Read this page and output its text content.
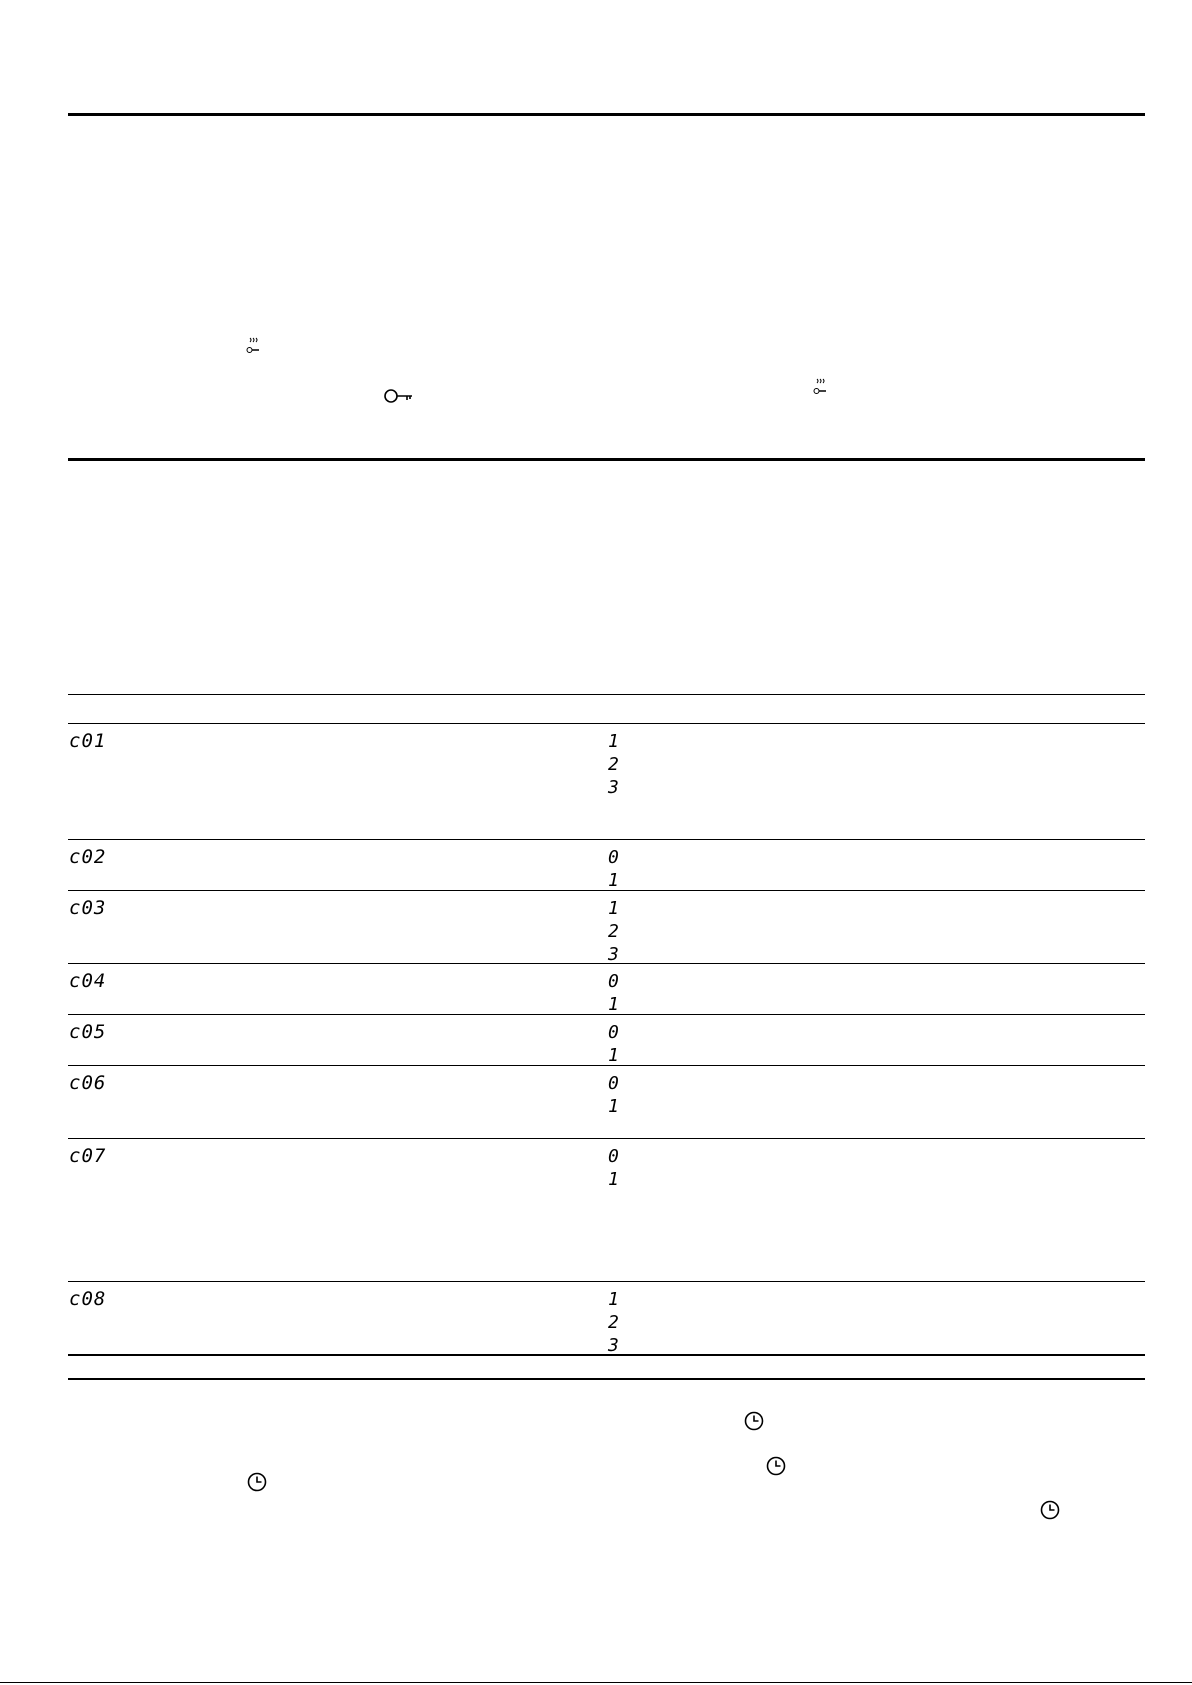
c01	1
2
3
c02	0
1
c03	1
2
3
c04	0
1
c05	0
1
c06	0
1
c07	0
1
c08	1
2
3
